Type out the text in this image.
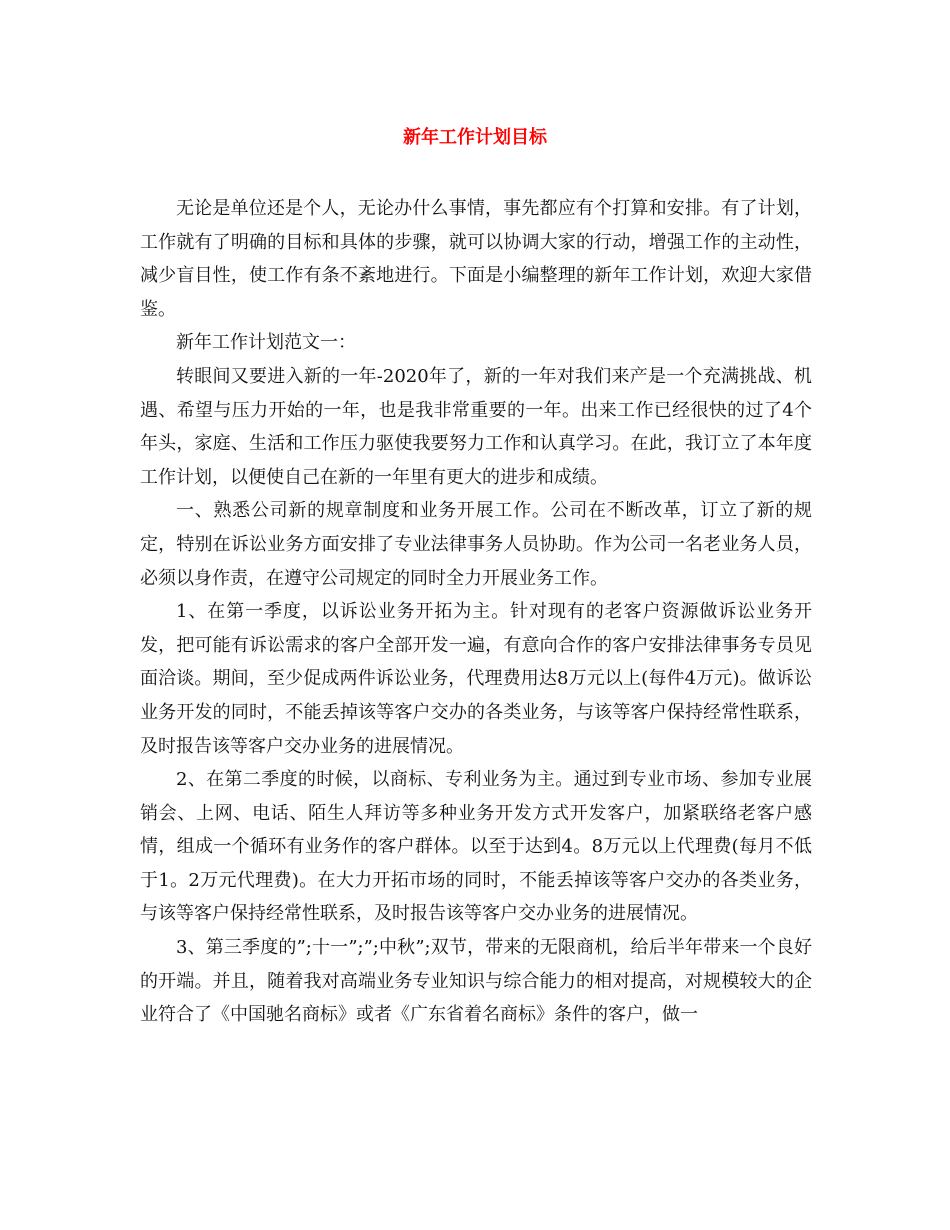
新年工作计划目标

无论是单位还是个人，无论办什么事情，事先都应有个打算和安排。有了计划，工作就有了明确的目标和具体的步骤，就可以协调大家的行动，增强工作的主动性，减少盲目性，使工作有条不紊地进行。下面是小编整理的新年工作计划，欢迎大家借鉴。

新年工作计划范文一：

转眼间又要进入新的一年-2020年了，新的一年对我们来产是一个充满挑战、机遇、希望与压力开始的一年，也是我非常重要的一年。出来工作已经很快的过了4个年头，家庭、生活和工作压力驱使我要努力工作和认真学习。在此，我订立了本年度工作计划，以便使自己在新的一年里有更大的进步和成绩。

一、熟悉公司新的规章制度和业务开展工作。公司在不断改革，订立了新的规定，特别在诉讼业务方面安排了专业法律事务人员协助。作为公司一名老业务人员，必须以身作责，在遵守公司规定的同时全力开展业务工作。

1、在第一季度，以诉讼业务开拓为主。针对现有的老客户资源做诉讼业务开发，把可能有诉讼需求的客户全部开发一遍，有意向合作的客户安排法律事务专员见面洽谈。期间，至少促成两件诉讼业务，代理费用达8万元以上(每件4万元)。做诉讼业务开发的同时，不能丢掉该等客户交办的各类业务，与该等客户保持经常性联系，及时报告该等客户交办业务的进展情况。

2、在第二季度的时候，以商标、专利业务为主。通过到专业市场、参加专业展销会、上网、电话、陌生人拜访等多种业务开发方式开发客户，加紧联络老客户感情，组成一个循环有业务作的客户群体。以至于达到4。8万元以上代理费(每月不低于1。2万元代理费)。在大力开拓市场的同时，不能丢掉该等客户交办的各类业务，与该等客户保持经常性联系，及时报告该等客户交办业务的进展情况。

3、第三季度的”;十一”;”;中秋”;双节，带来的无限商机，给后半年带来一个良好的开端。并且，随着我对高端业务专业知识与综合能力的相对提高，对规模较大的企业符合了《中国驰名商标》或者《广东省着名商标》条件的客户，做一
